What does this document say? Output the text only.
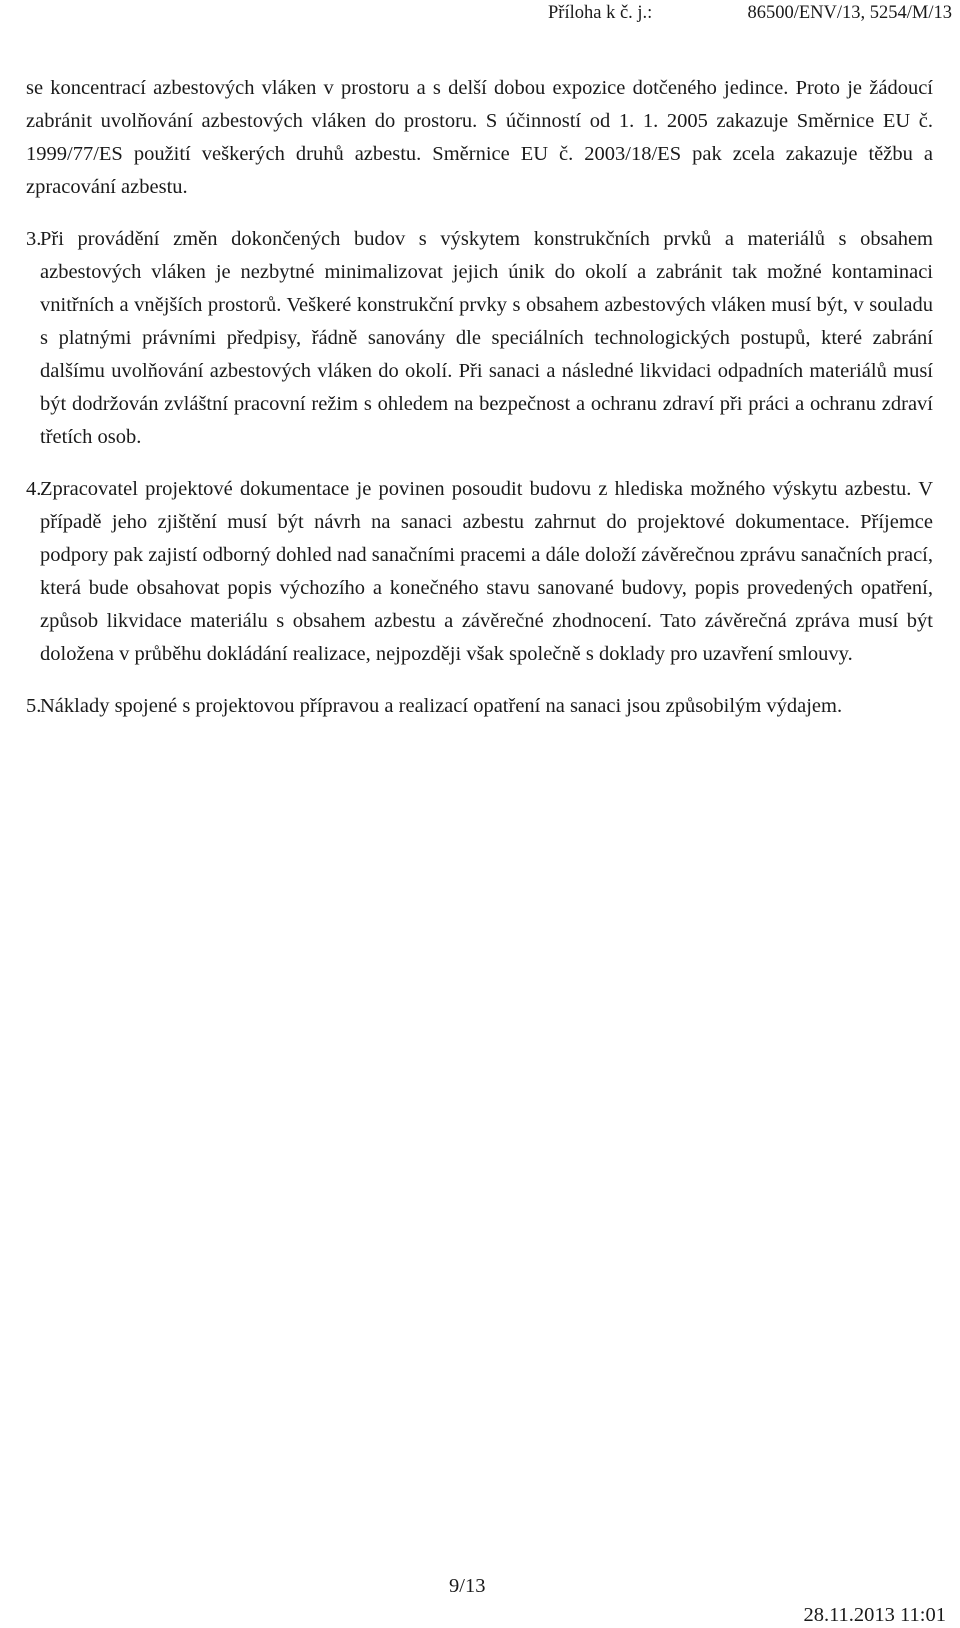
Příloha k č. j.:	86500/ENV/13, 5254/M/13

se koncentrací azbestových vláken v prostoru a s delší dobou expozice dotčeného jedince. Proto je žádoucí zabránit uvolňování azbestových vláken do prostoru. S účinností od 1. 1. 2005 zakazuje Směrnice EU č. 1999/77/ES použití veškerých druhů azbestu. Směrnice EU č. 2003/18/ES pak zcela zakazuje těžbu a zpracování azbestu.

3.

Při provádění změn dokončených budov s výskytem konstrukčních prvků a materiálů s obsahem azbestových vláken je nezbytné minimalizovat jejich únik do okolí a zabránit tak možné kontaminaci vnitřních a vnějších prostorů. Veškeré konstrukční prvky s obsahem azbestových vláken musí být, v souladu s platnými právními předpisy, řádně sanovány dle speciálních technologických postupů, které zabrání dalšímu uvolňování azbestových vláken do okolí. Při sanaci a následné likvidaci odpadních materiálů musí být dodržován zvláštní pracovní režim s ohledem na bezpečnost a ochranu zdraví při práci a ochranu zdraví třetích osob.

4.

Zpracovatel projektové dokumentace je povinen posoudit budovu z hlediska možného výskytu azbestu. V případě jeho zjištění musí být návrh na sanaci azbestu zahrnut do projektové dokumentace. Příjemce podpory pak zajistí odborný dohled nad sanačními pracemi a dále doloží závěrečnou zprávu sanačních prací, která bude obsahovat popis výchozího a konečného stavu sanované budovy, popis provedených opatření, způsob likvidace materiálu s obsahem azbestu a závěrečné zhodnocení. Tato závěrečná zpráva musí být doložena v průběhu dokládání realizace, nejpozději však společně s doklady pro uzavření smlouvy.

5.

Náklady spojené s projektovou přípravou a realizací opatření na sanaci jsou způsobilým výdajem.

9/13
28.11.2013 11:01
